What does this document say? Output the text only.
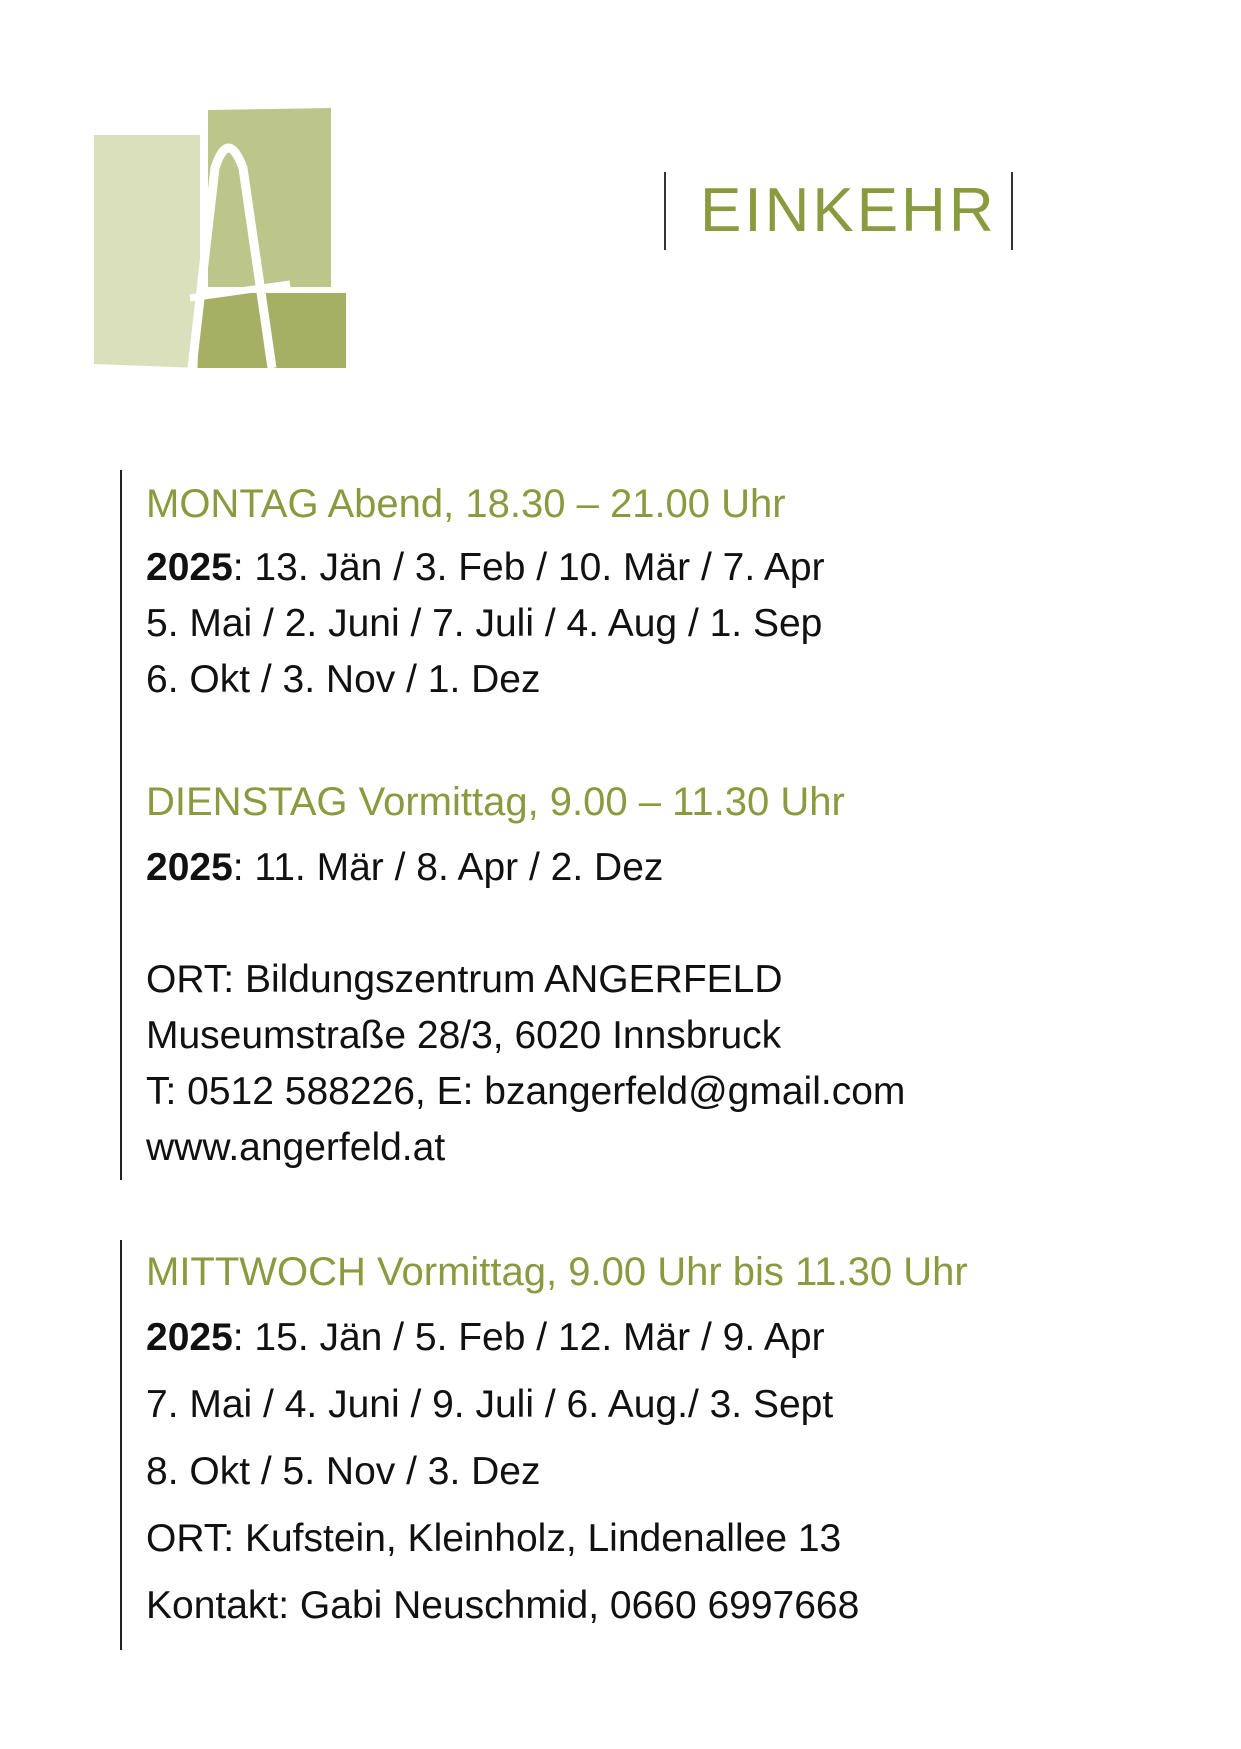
EINKEHR
MONTAG Abend, 18.30 – 21.00 Uhr
2025: 13. Jän / 3. Feb / 10. Mär / 7. Apr
5. Mai / 2. Juni / 7. Juli / 4. Aug / 1. Sep
6. Okt / 3. Nov / 1. Dez
DIENSTAG Vormittag, 9.00 – 11.30 Uhr
2025: 11. Mär / 8. Apr / 2. Dez
ORT: Bildungszentrum ANGERFELD
Museumstraße 28/3, 6020 Innsbruck
T: 0512 588226, E: bzangerfeld@gmail.com
www.angerfeld.at
MITTWOCH Vormittag, 9.00 Uhr bis 11.30 Uhr
2025: 15. Jän / 5. Feb / 12. Mär / 9. Apr
7. Mai / 4. Juni / 9. Juli / 6. Aug./ 3. Sept
8. Okt / 5. Nov / 3. Dez
ORT: Kufstein, Kleinholz, Lindenallee 13
Kontakt: Gabi Neuschmid, 0660 6997668
